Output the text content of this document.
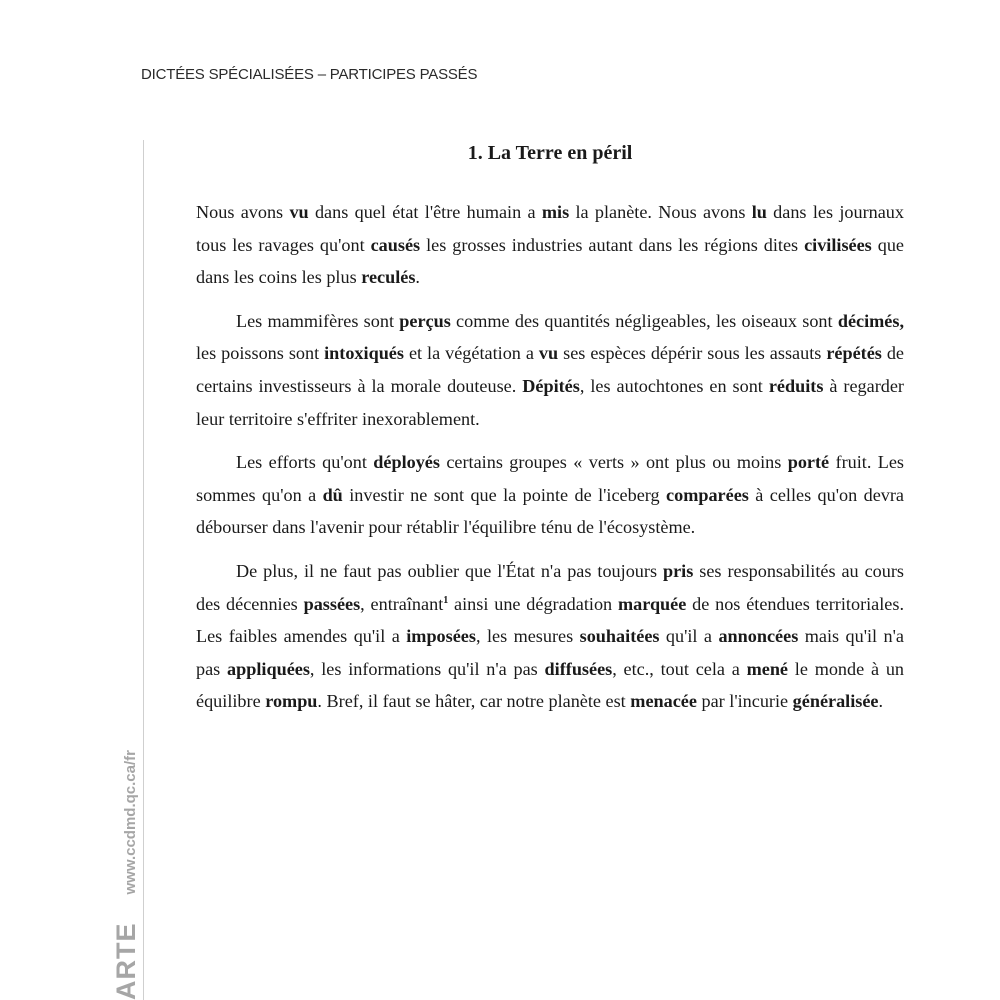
DICTÉES SPÉCIALISÉES – PARTICIPES PASSÉS
ARTEwww.ccdmd.qc.ca/fr
1. La Terre en péril

Nous avons vu dans quel état l'être humain a mis la planète. Nous avons lu dans les journaux tous les ravages qu'ont causés les grosses industries autant dans les régions dites civilisées que dans les coins les plus reculés.

Les mammifères sont perçus comme des quantités négligeables, les oiseaux sont décimés, les poissons sont intoxiqués et la végétation a vu ses espèces dépérir sous les assauts répétés de certains investisseurs à la morale douteuse. Dépités, les autochtones en sont réduits à regarder leur territoire s'effriter inexorablement.

Les efforts qu'ont déployés certains groupes « verts » ont plus ou moins porté fruit. Les sommes qu'on a dû investir ne sont que la pointe de l'iceberg comparées à celles qu'on devra débourser dans l'avenir pour rétablir l'équilibre ténu de l'écosystème.

De plus, il ne faut pas oublier que l'État n'a pas toujours pris ses responsabilités au cours des décennies passées, entraînant$^1$ ainsi une dégradation marquée de nos étendues territoriales. Les faibles amendes qu'il a imposées, les mesures souhaitées qu'il a annoncées mais qu'il n'a pas appliquées, les informations qu'il n'a pas diffusées, etc., tout cela a mené le monde à un équilibre rompu. Bref, il faut se hâter, car notre planète est menacée par l'incurie généralisée.
